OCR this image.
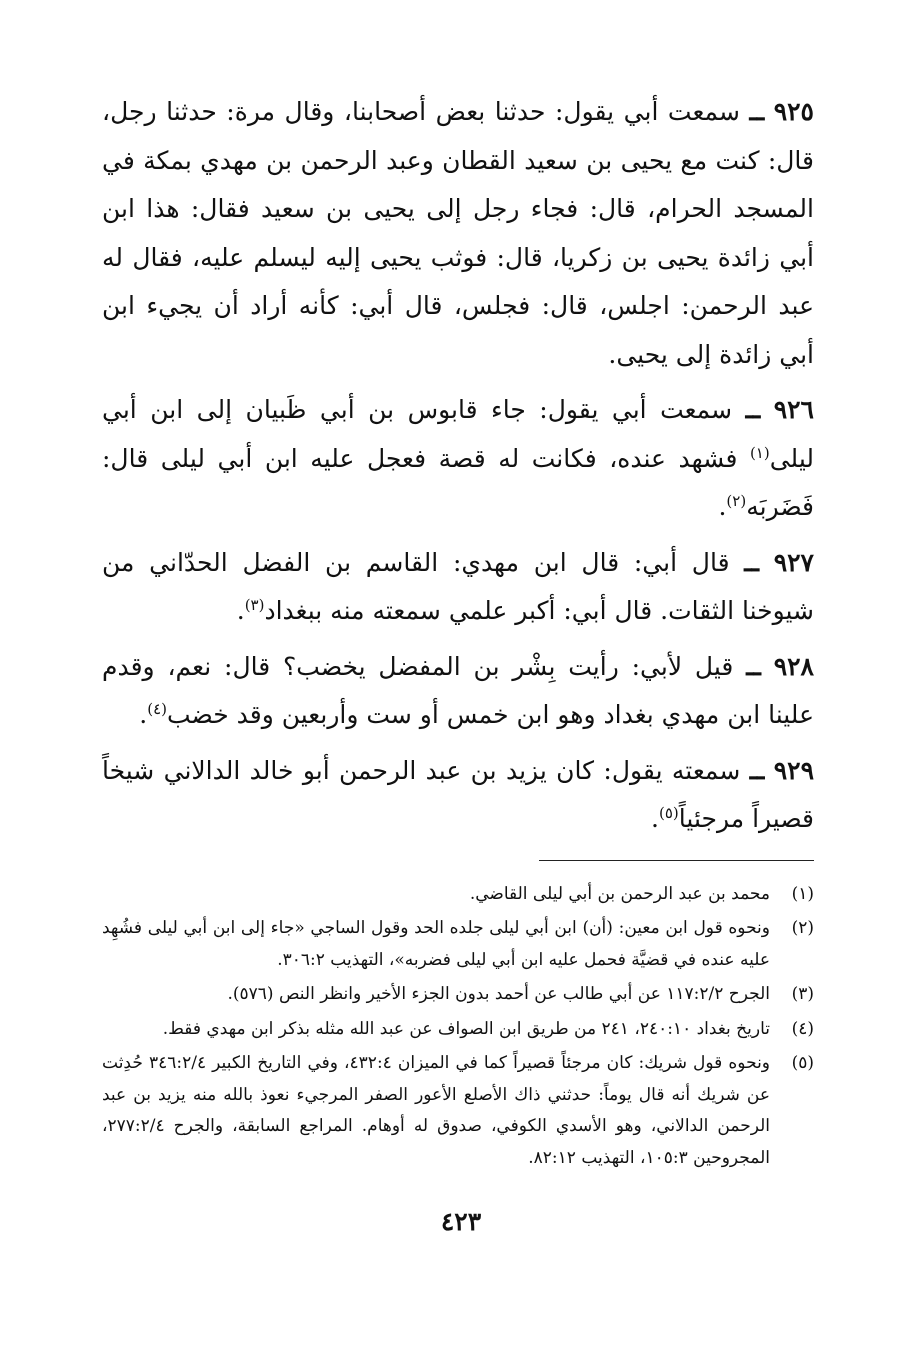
٩٢٥ ــ سمعت أبي يقول: حدثنا بعض أصحابنا، وقال مرة: حدثنا رجل، قال: كنت مع يحيى بن سعيد القطان وعبد الرحمن بن مهدي بمكة في المسجد الحرام، قال: فجاء رجل إلى يحيى بن سعيد فقال: هذا ابن أبي زائدة يحيى بن زكريا، قال: فوثب يحيى إليه ليسلم عليه، فقال له عبد الرحمن: اجلس، قال: فجلس، قال أبي: كأنه أراد أن يجيء ابن أبي زائدة إلى يحيى.

٩٢٦ ــ سمعت أبي يقول: جاء قابوس بن أبي ظَبيان إلى ابن أبي ليلى$^{(١)}$ فشهد عنده، فكانت له قصة فعجل عليه ابن أبي ليلى قال: فَضَربَه$^{(٢)}$.

٩٢٧ ــ قال أبي: قال ابن مهدي: القاسم بن الفضل الحدّاني من شيوخنا الثقات. قال أبي: أكبر علمي سمعته منه ببغداد$^{(٣)}$.

٩٢٨ ــ قيل لأبي: رأيت بِشْر بن المفضل يخضب؟ قال: نعم، وقدم علينا ابن مهدي بغداد وهو ابن خمس أو ست وأربعين وقد خضب$^{(٤)}$.

٩٢٩ ــ سمعته يقول: كان يزيد بن عبد الرحمن أبو خالد الدالاني شيخاً قصيراً مرجئياً$^{(٥)}$.

(١)
محمد بن عبد الرحمن بن أبي ليلى القاضي.
(٢)
ونحوه قول ابن معين: (أن) ابن أبي ليلى جلده الحد وقول الساجي «جاء إلى ابن أبي ليلى فشُهِد عليه عنده في قضيَّة فحمل عليه ابن أبي ليلى فضربه»، التهذيب ٣٠٦:٢.
(٣)
الجرح ١١٧:٢/٢ عن أبي طالب عن أحمد بدون الجزء الأخير وانظر النص (٥٧٦).
(٤)
تاريخ بغداد ٢٤٠:١٠، ٢٤١ من طريق ابن الصواف عن عبد الله مثله بذكر ابن مهدي فقط.
(٥)
ونحوه قول شريك: كان مرجئاً قصيراً كما في الميزان ٤٣٢:٤، وفي التاريخ الكبير ٣٤٦:٢/٤ حُدِثت عن شريك أنه قال يوماً: حدثني ذاك الأصلع الأعور الصفر المرجيء نعوذ بالله منه يزيد بن عبد الرحمن الدالاني، وهو الأسدي الكوفي، صدوق له أوهام. المراجع السابقة، والجرح ٢٧٧:٢/٤، المجروحين ١٠٥:٣، التهذيب ٨٢:١٢.
٤٢٣
